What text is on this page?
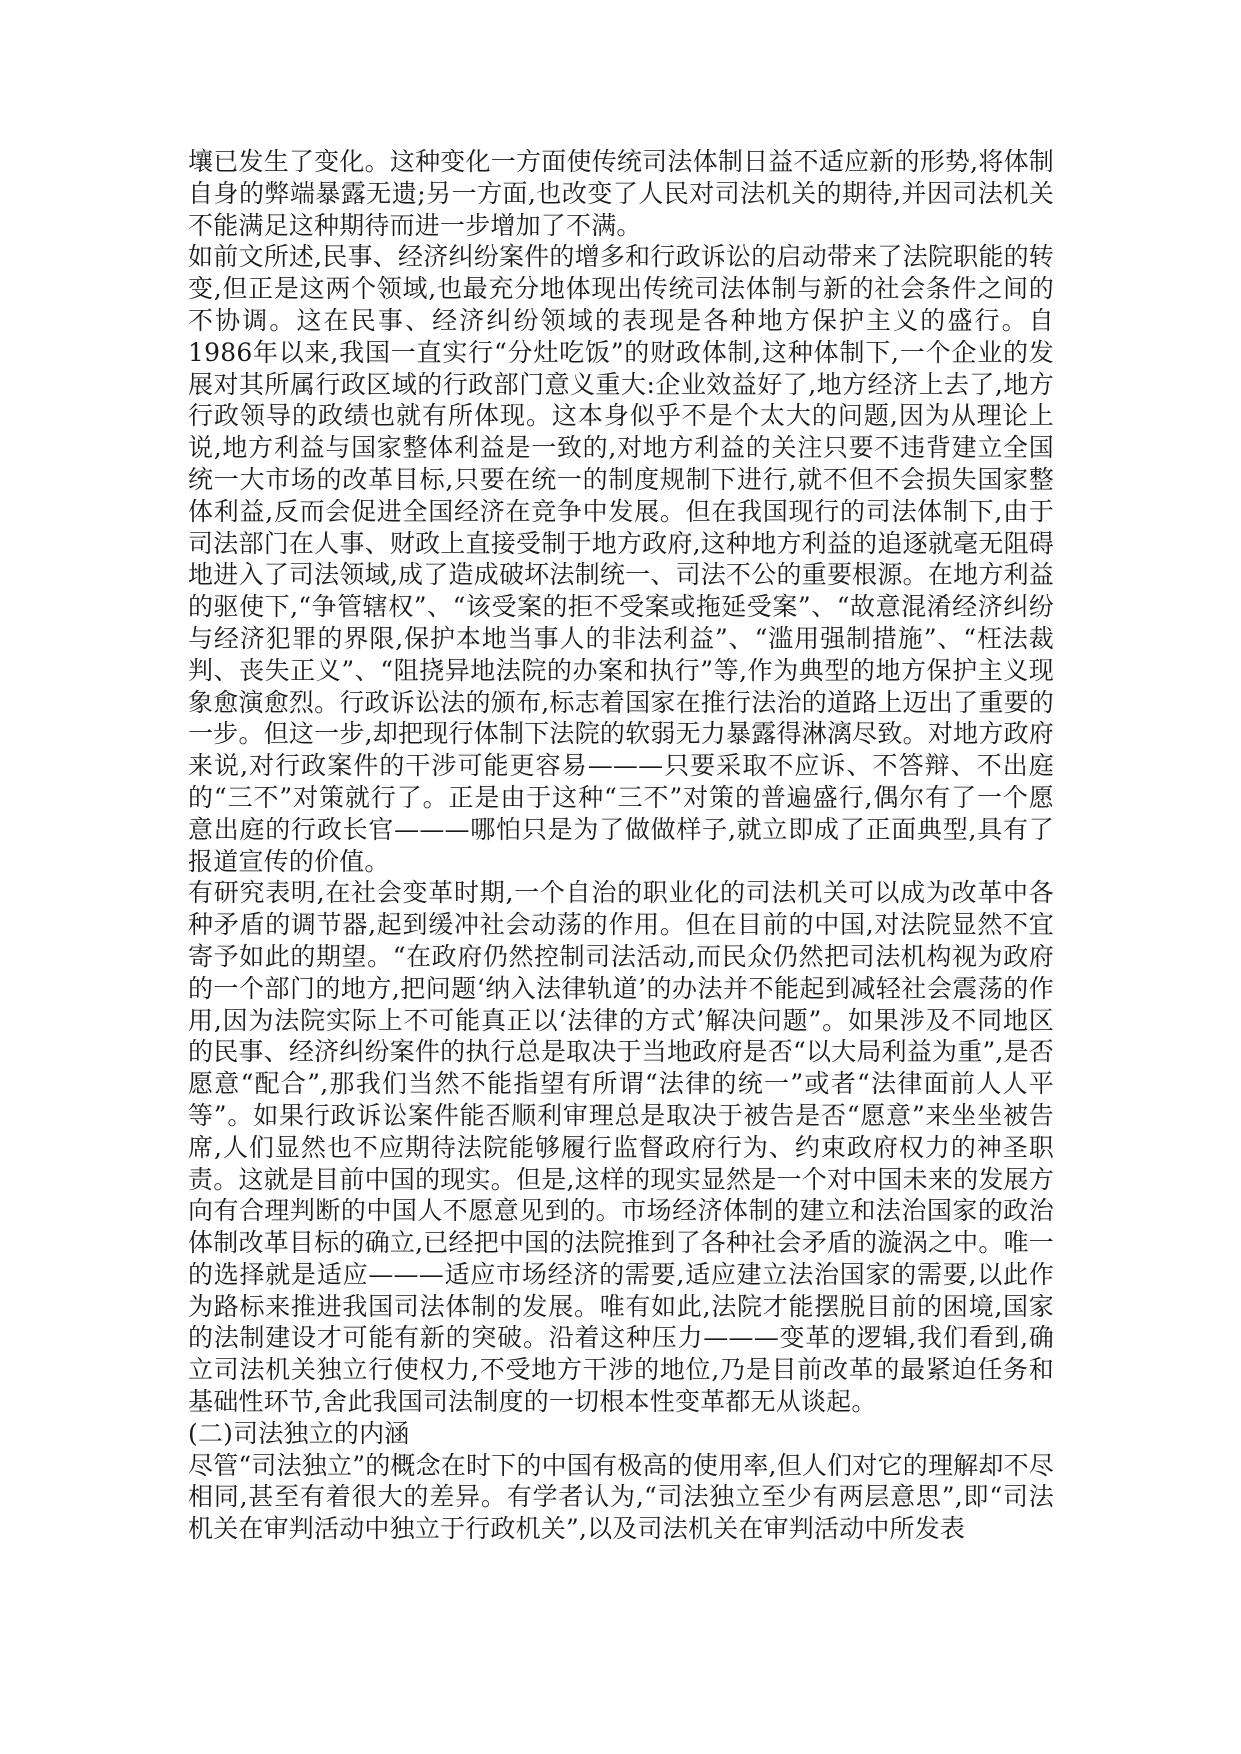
壤已发生了变化。这种变化一方面使传统司法体制日益不适应新的形势,将体制自身的弊端暴露无遗;另一方面,也改变了人民对司法机关的期待,并因司法机关不能满足这种期待而进一步增加了不满。

如前文所述,民事、经济纠纷案件的增多和行政诉讼的启动带来了法院职能的转变,但正是这两个领域,也最充分地体现出传统司法体制与新的社会条件之间的不协调。这在民事、经济纠纷领域的表现是各种地方保护主义的盛行。自 1986年以来,我国一直实行“分灶吃饭”的财政体制,这种体制下,一个企业的发展对其所属行政区域的行政部门意义重大:企业效益好了,地方经济上去了,地方行政领导的政绩也就有所体现。这本身似乎不是个太大的问题,因为从理论上说,地方利益与国家整体利益是一致的,对地方利益的关注只要不违背建立全国统一大市场的改革目标,只要在统一的制度规制下进行,就不但不会损失国家整体利益,反而会促进全国经济在竞争中发展。但在我国现行的司法体制下,由于司法部门在人事、财政上直接受制于地方政府,这种地方利益的追逐就毫无阻碍地进入了司法领域,成了造成破坏法制统一、司法不公的重要根源。在地方利益的驱使下,“争管辖权”、“该受案的拒不受案或拖延受案”、“故意混淆经济纠纷与经济犯罪的界限,保护本地当事人的非法利益”、“滥用强制措施”、“枉法裁判、丧失正义”、“阻挠异地法院的办案和执行”等,作为典型的地方保护主义现象愈演愈烈。行政诉讼法的颁布,标志着国家在推行法治的道路上迈出了重要的一步。但这一步,却把现行体制下法院的软弱无力暴露得淋漓尽致。对地方政府来说,对行政案件的干涉可能更容易———只要采取不应诉、不答辩、不出庭的“三不”对策就行了。正是由于这种“三不”对策的普遍盛行,偶尔有了一个愿意出庭的行政长官———哪怕只是为了做做样子,就立即成了正面典型,具有了报道宣传的价值。

有研究表明,在社会变革时期,一个自治的职业化的司法机关可以成为改革中各种矛盾的调节器,起到缓冲社会动荡的作用。但在目前的中国,对法院显然不宜寄予如此的期望。“在政府仍然控制司法活动,而民众仍然把司法机构视为政府的一个部门的地方,把问题‘纳入法律轨道’的办法并不能起到减轻社会震荡的作用,因为法院实际上不可能真正以‘法律的方式’解决问题”。如果涉及不同地区的民事、经济纠纷案件的执行总是取决于当地政府是否“以大局利益为重”,是否愿意“配合”,那我们当然不能指望有所谓“法律的统一”或者“法律面前人人平等”。如果行政诉讼案件能否顺利审理总是取决于被告是否“愿意”来坐坐被告席,人们显然也不应期待法院能够履行监督政府行为、约束政府权力的神圣职责。这就是目前中国的现实。但是,这样的现实显然是一个对中国未来的发展方向有合理判断的中国人不愿意见到的。市场经济体制的建立和法治国家的政治体制改革目标的确立,已经把中国的法院推到了各种社会矛盾的漩涡之中。唯一的选择就是适应———适应市场经济的需要,适应建立法治国家的需要,以此作为路标来推进我国司法体制的发展。唯有如此,法院才能摆脱目前的困境,国家的法制建设才可能有新的突破。沿着这种压力———变革的逻辑,我们看到,确立司法机关独立行使权力,不受地方干涉的地位,乃是目前改革的最紧迫任务和基础性环节,舍此我国司法制度的一切根本性变革都无从谈起。

(二)司法独立的内涵

尽管“司法独立”的概念在时下的中国有极高的使用率,但人们对它的理解却不尽相同,甚至有着很大的差异。有学者认为,“司法独立至少有两层意思”,即“司法机关在审判活动中独立于行政机关”,以及司法机关在审判活动中所发表
